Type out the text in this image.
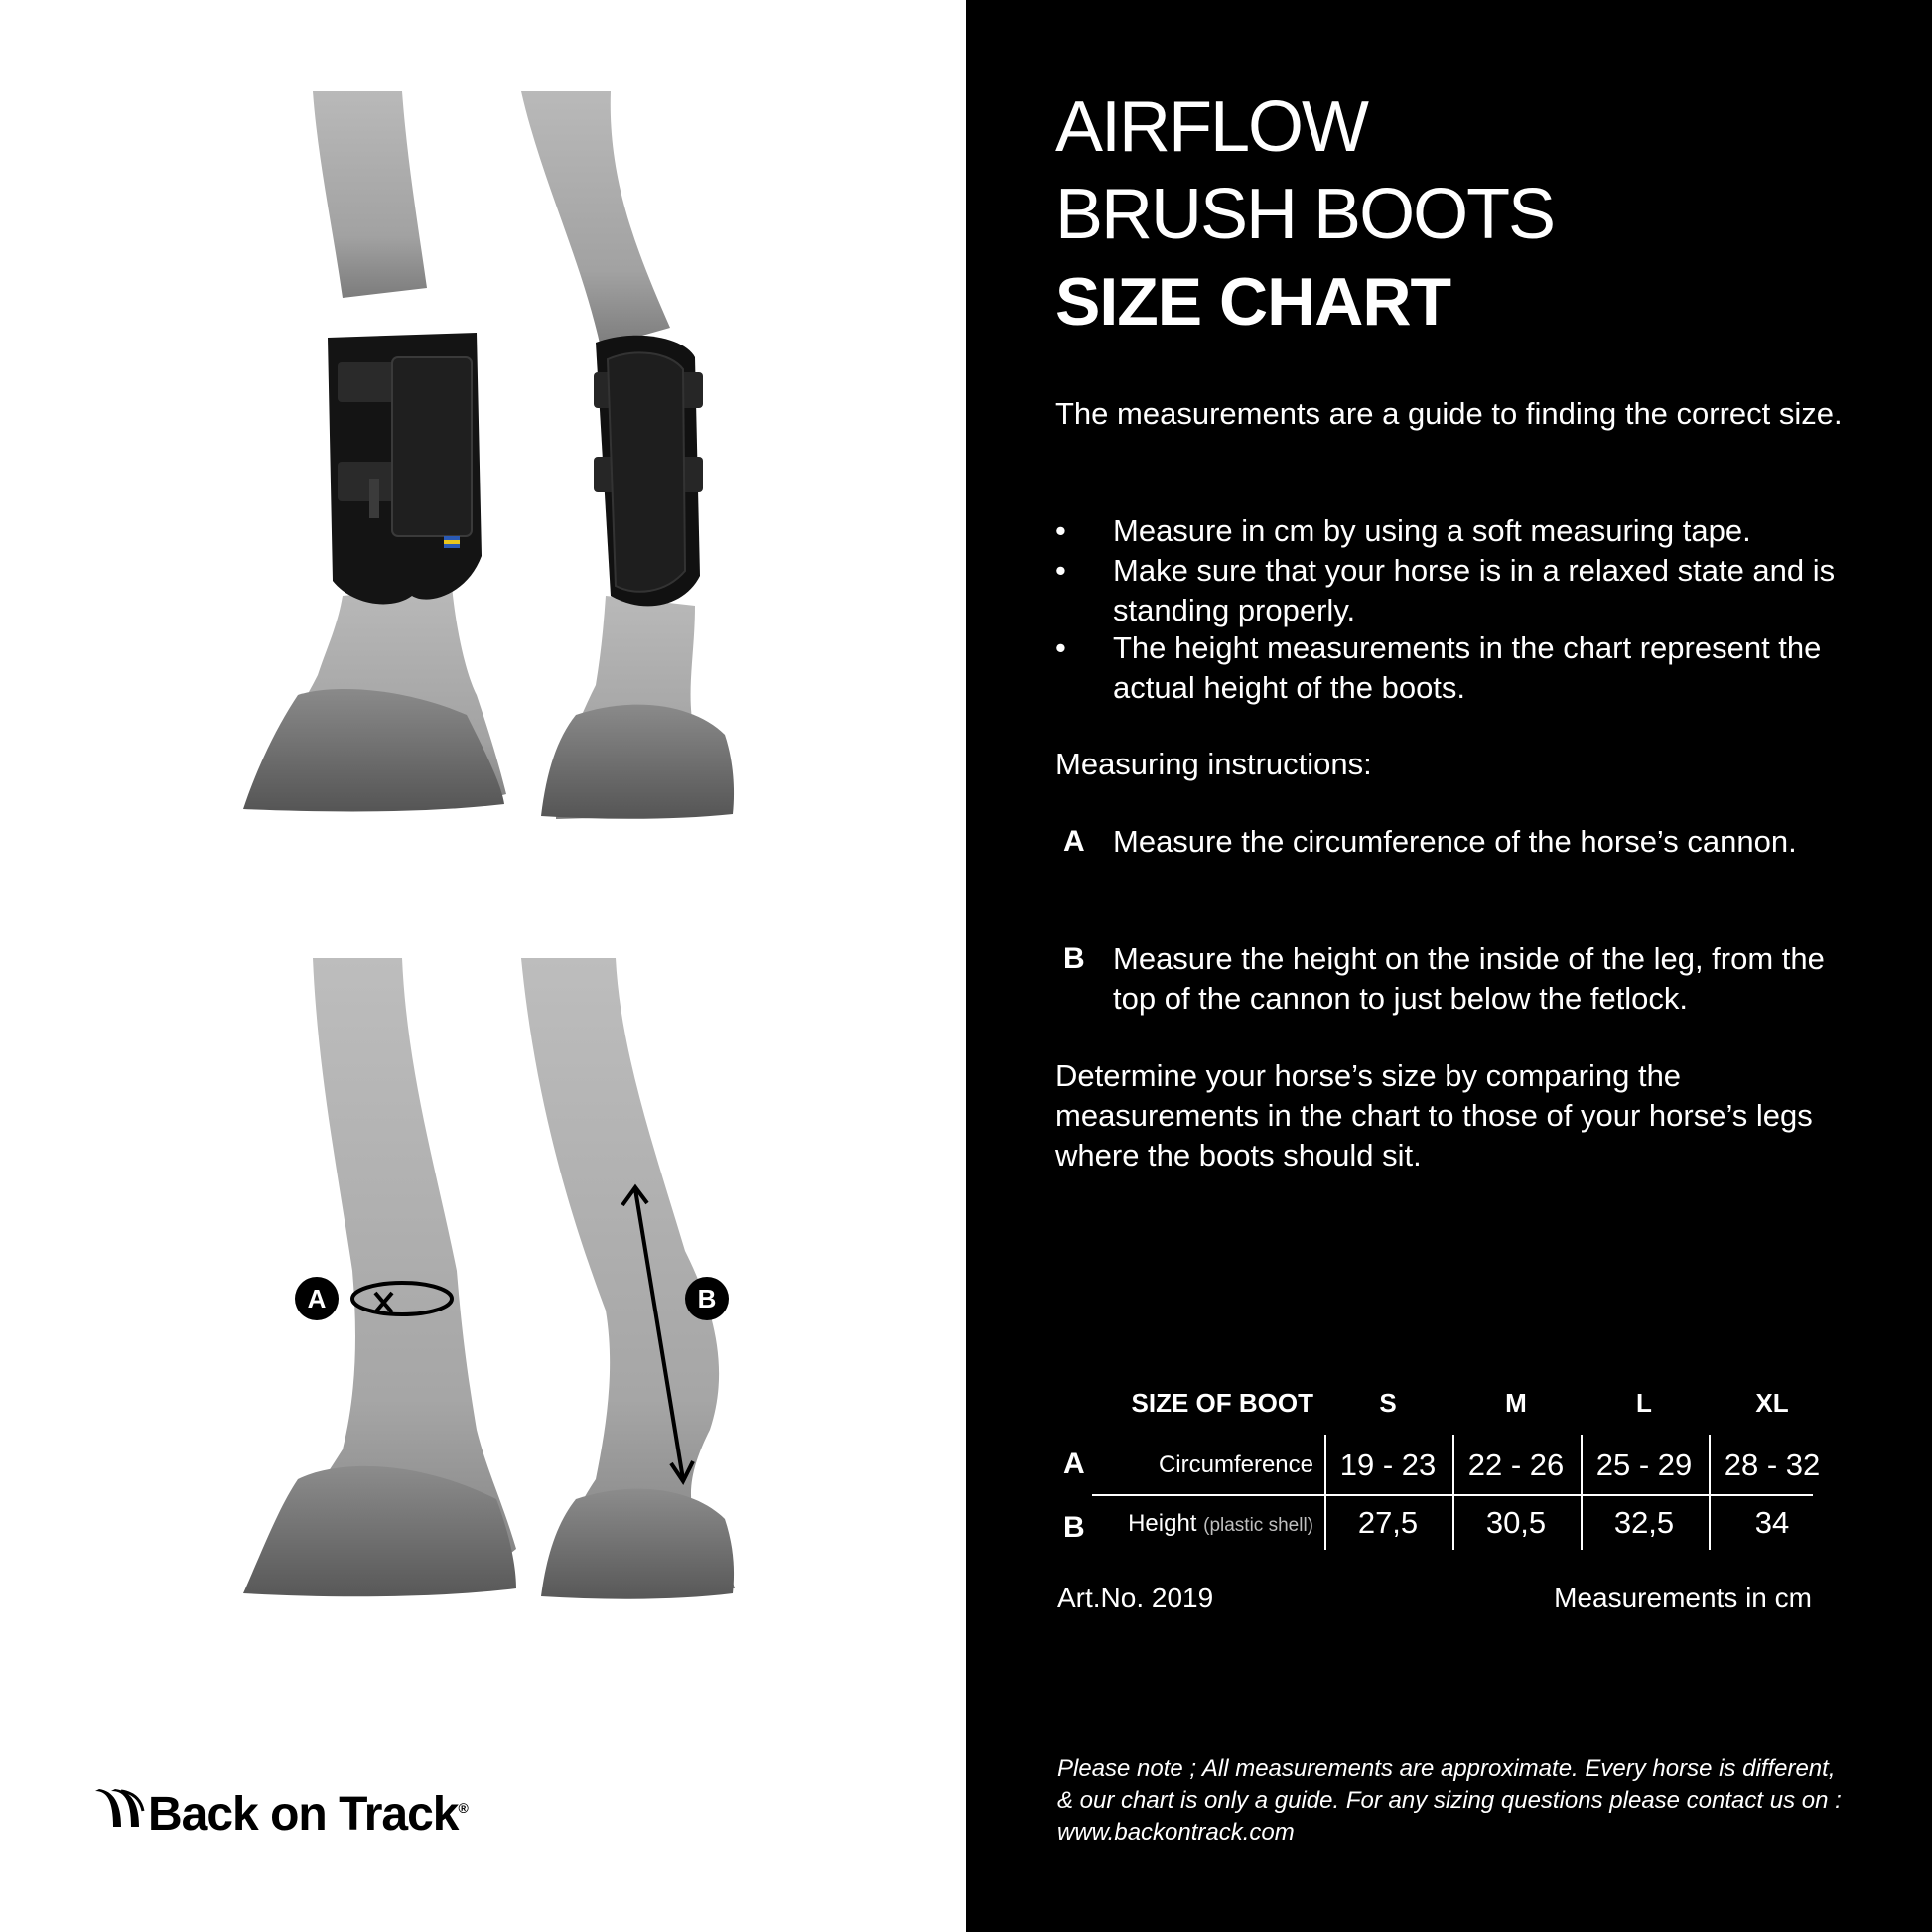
A	B
Back on Track®
AIRFLOW
BRUSH BOOTS
SIZE CHART
The measurements are a guide to finding the correct size.
•	Measure in cm by using a soft measuring tape.
•	Make sure that your horse is in a relaxed state and is standing properly.
•	The height measurements in the chart represent the actual height of the boots.
Measuring instructions:
A Measure the circumference of the horse’s cannon.
B Measure the height on the inside of the leg, from the top of the cannon to just below the fetlock.
Determine your horse’s size by comparing the measurements in the chart to those of your horse’s legs where the boots should sit.
SIZE OF BOOT	S	M	L	XL
A	Circumference 19 - 23	22 - 26	25 - 29	28 - 32
B	Height (plastic shell)	27,5	30,5	32,5	34
Art.No. 2019	Measurements in cm
Please note ; All measurements are approximate. Every horse is different, & our chart is only a guide. For any sizing questions please contact us on : www.backontrack.com
